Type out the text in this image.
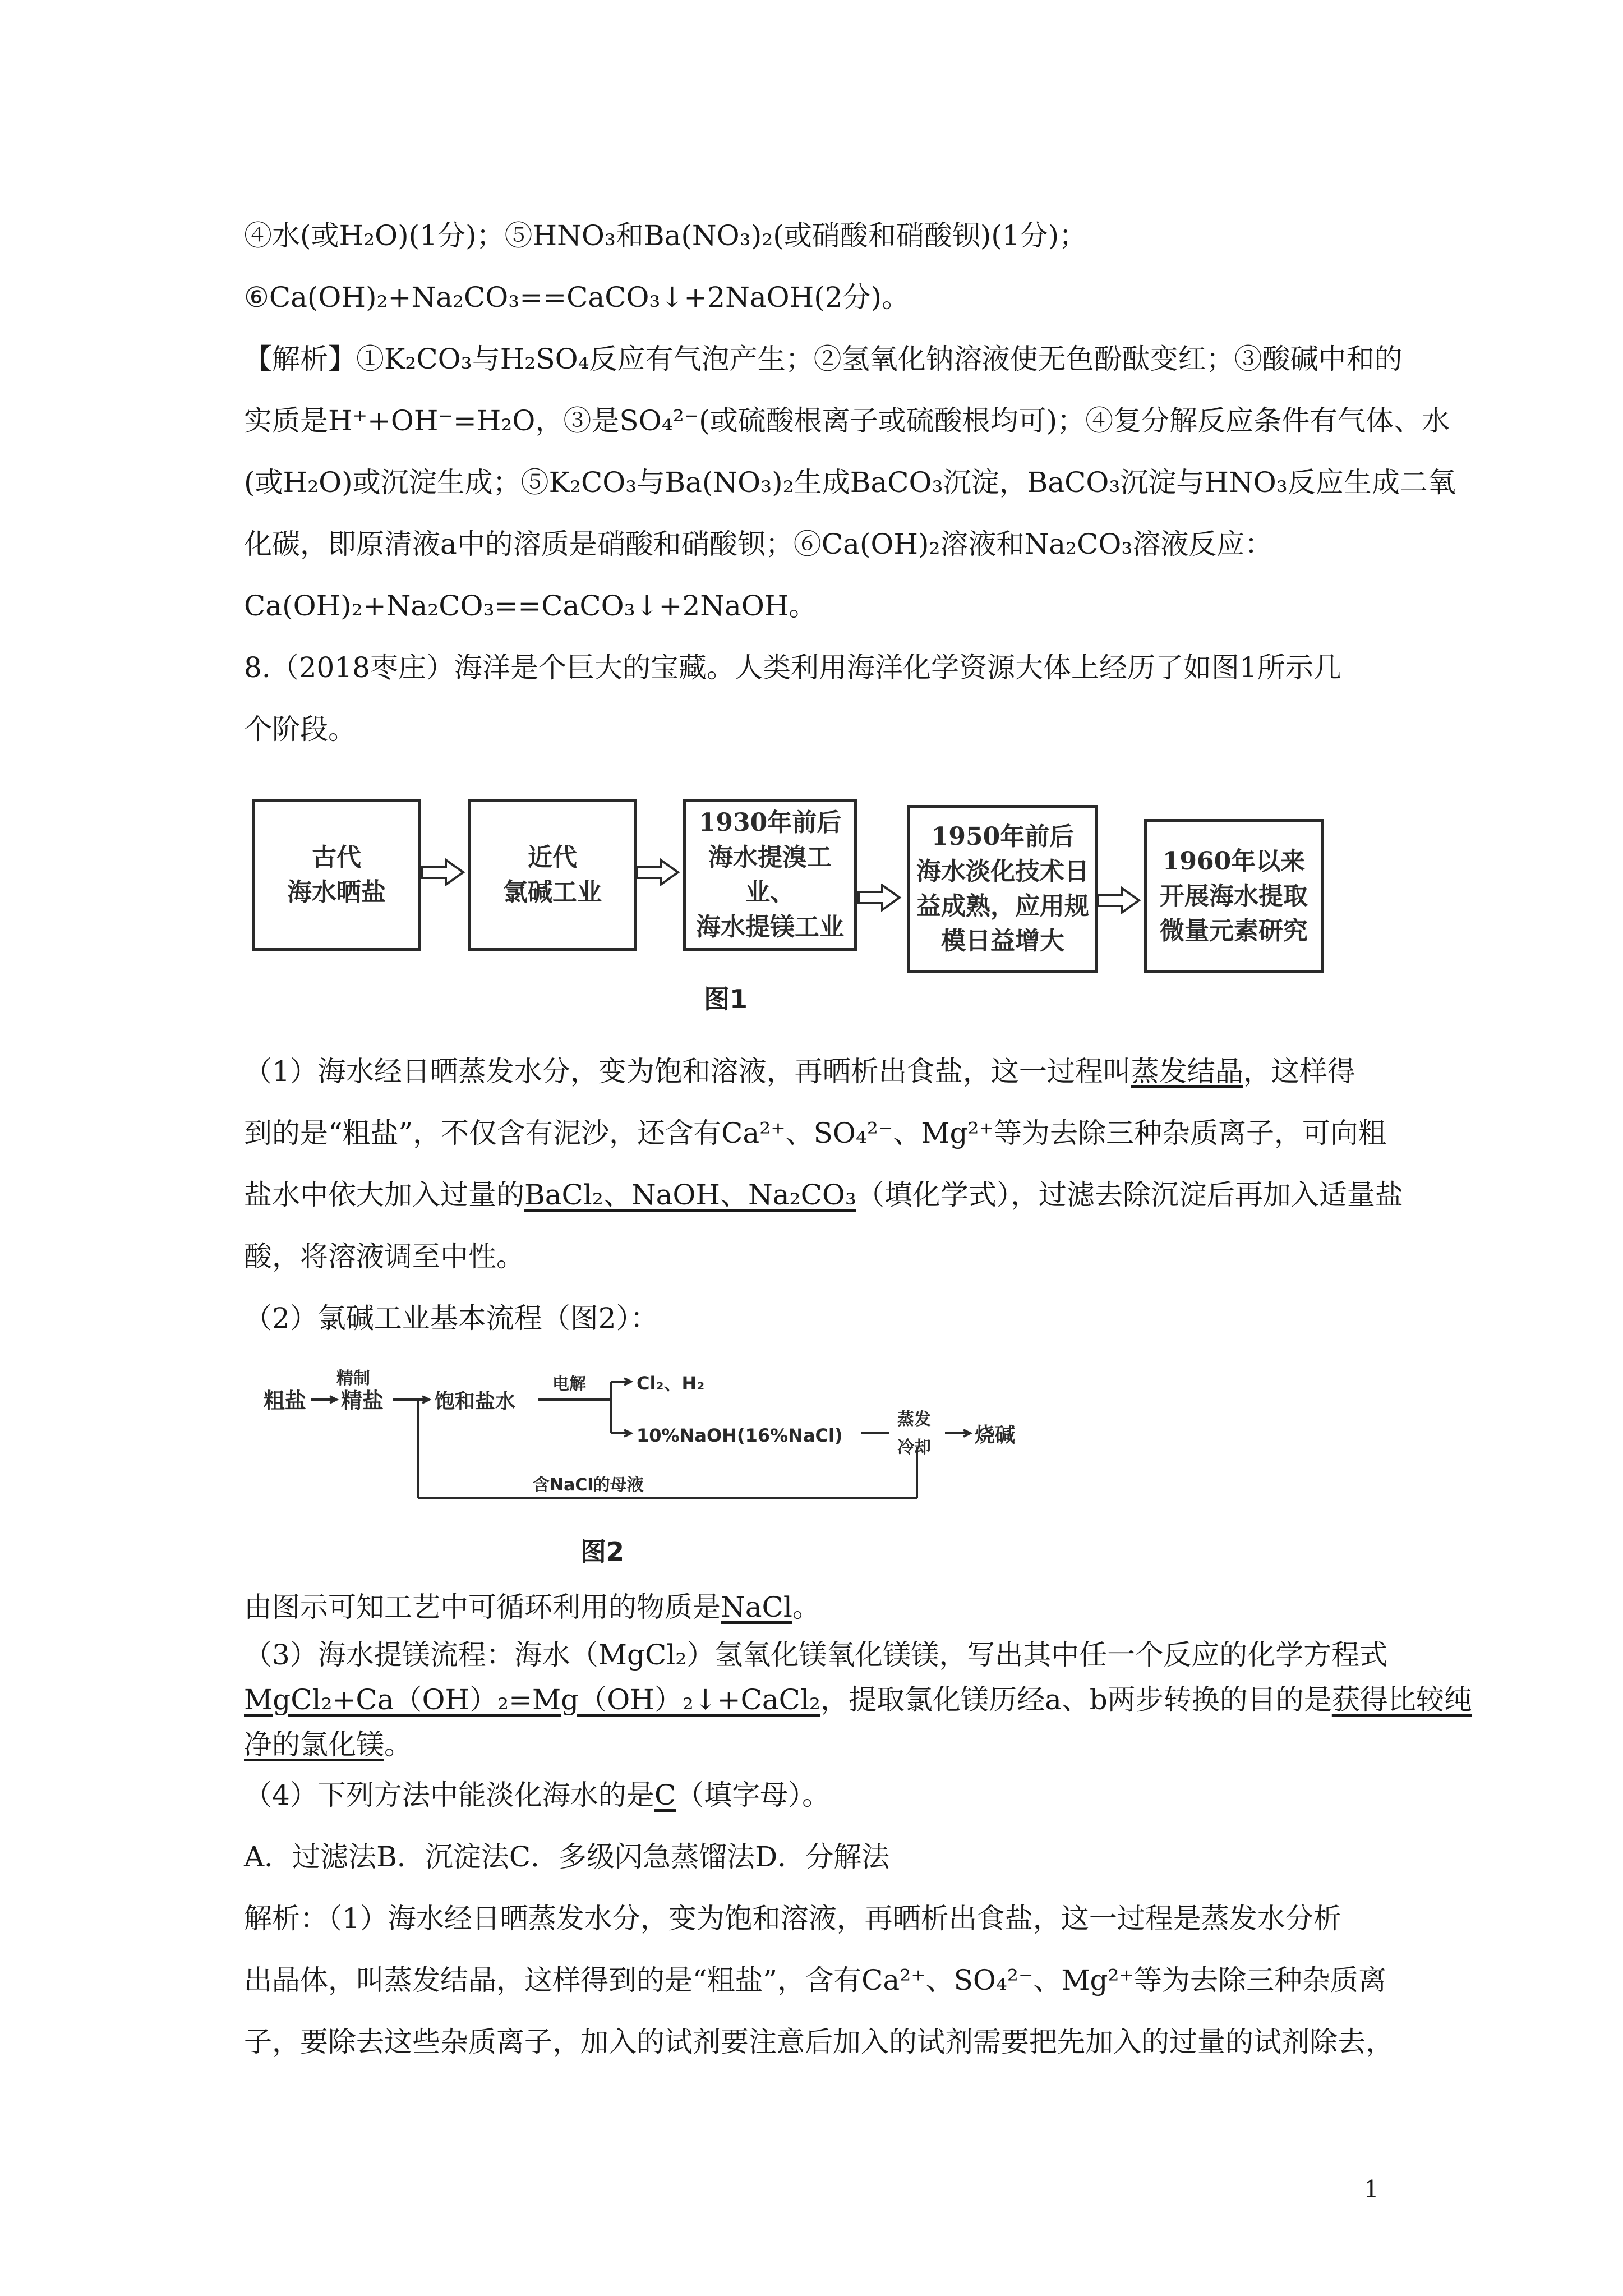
④水(或H₂O)(1分)；⑤HNO₃和Ba(NO₃)₂(或硝酸和硝酸钡)(1分)；
⑥Ca(OH)₂+Na₂CO₃==CaCO₃↓+2NaOH(2分)。
【解析】①K₂CO₃与H₂SO₄反应有气泡产生；②氢氧化钠溶液使无色酚酞变红；③酸碱中和的
实质是H⁺+OH⁻=H₂O，③是SO₄²⁻(或硫酸根离子或硫酸根均可)；④复分解反应条件有气体、水
(或H₂O)或沉淀生成；⑤K₂CO₃与Ba(NO₃)₂生成BaCO₃沉淀，BaCO₃沉淀与HNO₃反应生成二氧
化碳，即原清液a中的溶质是硝酸和硝酸钡；⑥Ca(OH)₂溶液和Na₂CO₃溶液反应：
Ca(OH)₂+Na₂CO₃==CaCO₃↓+2NaOH。
8.（2018枣庄）海洋是个巨大的宝藏。人类利用海洋化学资源大体上经历了如图1所示几
个阶段。
古代
海水晒盐
近代
氯碱工业
1930年前后
海水提溴工业、
海水提镁工业
1950年前后
海水淡化技术日
益成熟，应用规
模日益增大
1960年以来
开展海水提取
微量元素研究
图1
（1）海水经日晒蒸发水分，变为饱和溶液，再晒析出食盐，这一过程叫蒸发结晶，这样得
到的是“粗盐”，不仅含有泥沙，还含有Ca²⁺、SO₄²⁻、Mg²⁺等为去除三种杂质离子，可向粗
盐水中依大加入过量的BaCl₂、NaOH、Na₂CO₃（填化学式），过滤去除沉淀后再加入适量盐
酸，将溶液调至中性。
（2）氯碱工业基本流程（图2）：
粗盐
精制
精盐	饱和盐水
电解	Cl₂、H₂
10%NaOH(16%NaCl)
蒸发
冷却
烧碱
含NaCl的母液
图2
由图示可知工艺中可循环利用的物质是NaCl。
（3）海水提镁流程：海水（MgCl₂）氢氧化镁氧化镁镁，写出其中任一个反应的化学方程式
MgCl₂+Ca（OH）₂=Mg（OH）₂↓+CaCl₂，提取氯化镁历经a、b两步转换的目的是获得比较纯
净的氯化镁。
（4）下列方法中能淡化海水的是C（填字母）。
A．过滤法B．沉淀法C．多级闪急蒸馏法D．分解法
解析：（1）海水经日晒蒸发水分，变为饱和溶液，再晒析出食盐，这一过程是蒸发水分析
出晶体，叫蒸发结晶，这样得到的是“粗盐”，含有Ca²⁺、SO₄²⁻、Mg²⁺等为去除三种杂质离
子，要除去这些杂质离子，加入的试剂要注意后加入的试剂需要把先加入的过量的试剂除去，
1
